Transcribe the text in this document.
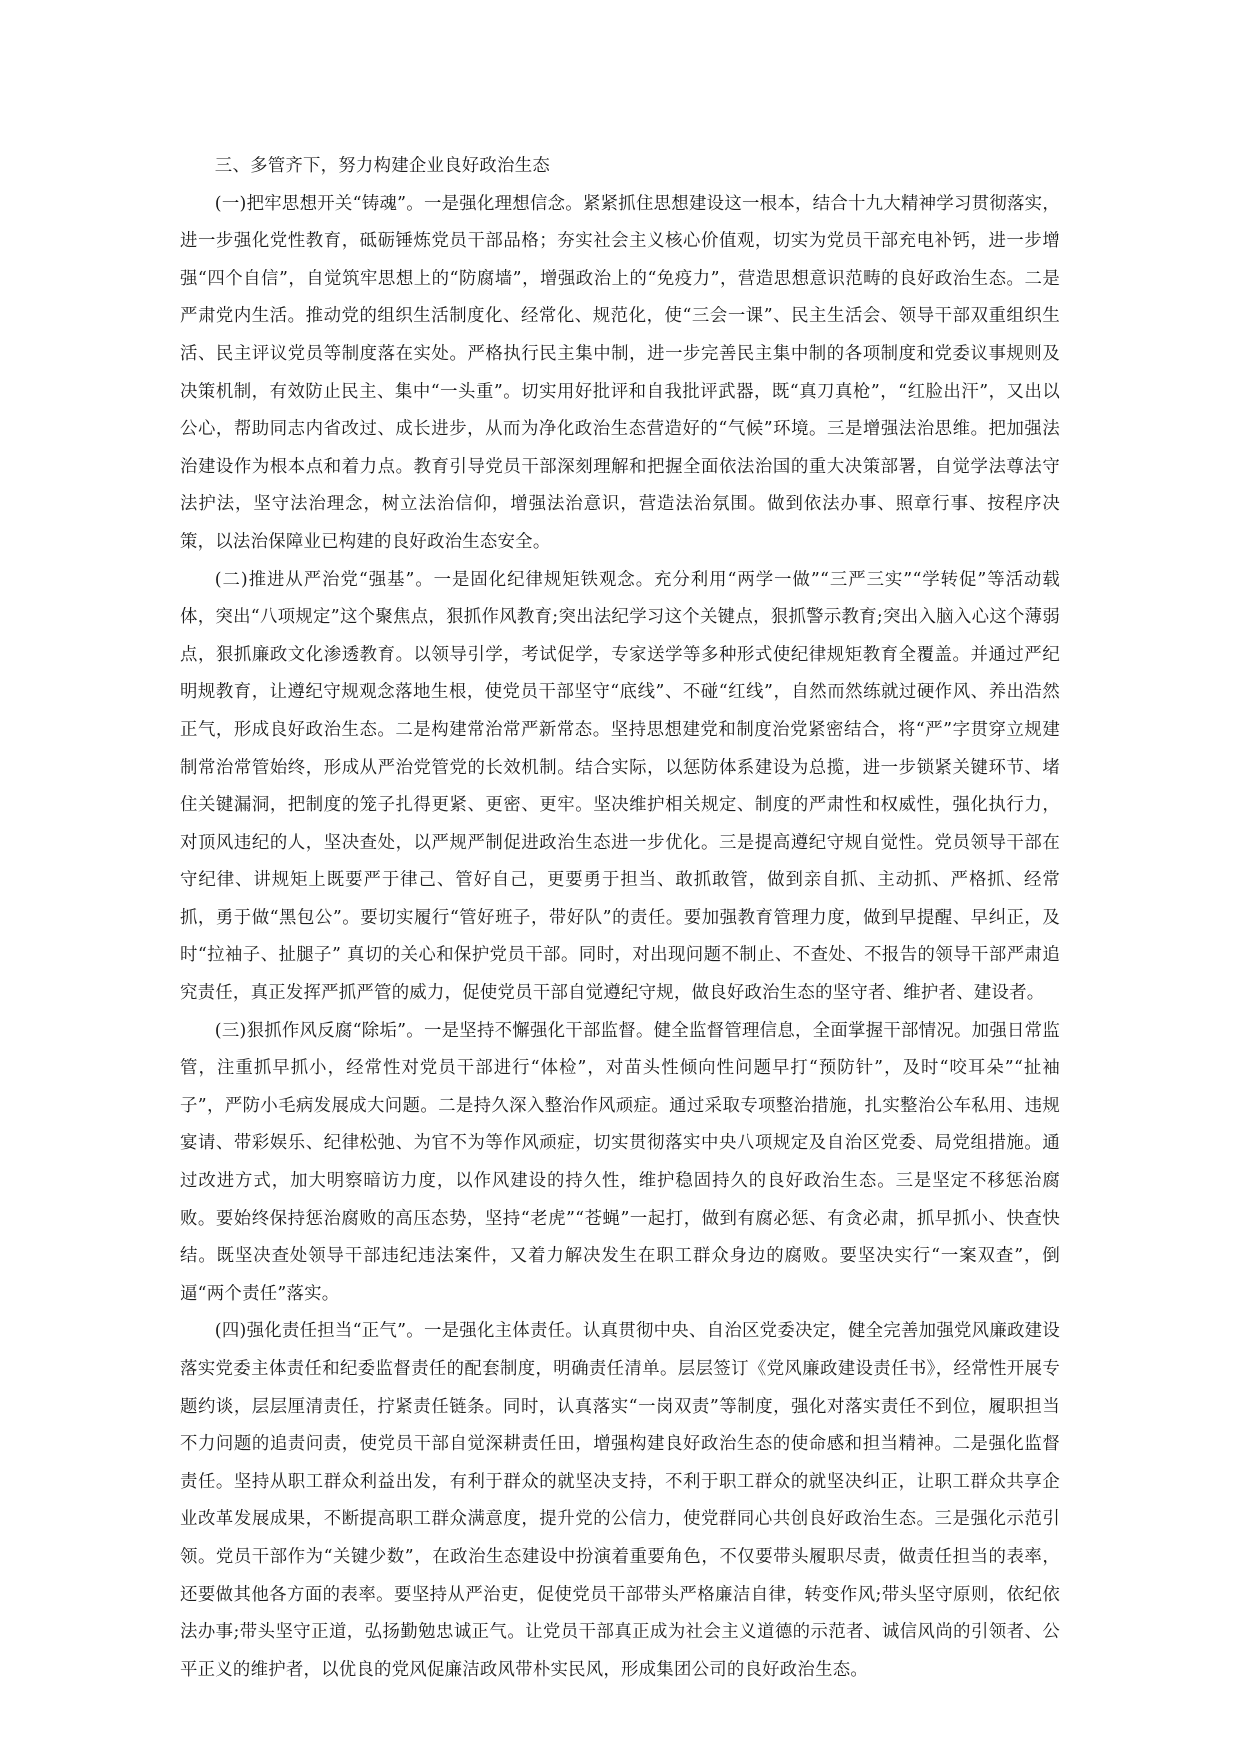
三、多管齐下，努力构建企业良好政治生态

(一)把牢思想开关“铸魂”。一是强化理想信念。紧紧抓住思想建设这一根本，结合十九大精神学习贯彻落实，进一步强化党性教育，砥砺锤炼党员干部品格；夯实社会主义核心价值观，切实为党员干部充电补钙，进一步增强“四个自信”，自觉筑牢思想上的“防腐墙”，增强政治上的“免疫力”，营造思想意识范畴的良好政治生态。二是严肃党内生活。推动党的组织生活制度化、经常化、规范化，使“三会一课”、民主生活会、领导干部双重组织生活、民主评议党员等制度落在实处。严格执行民主集中制，进一步完善民主集中制的各项制度和党委议事规则及决策机制，有效防止民主、集中“一头重”。切实用好批评和自我批评武器，既“真刀真枪”，“红脸出汗”，又出以公心，帮助同志内省改过、成长进步，从而为净化政治生态营造好的“气候”环境。三是增强法治思维。把加强法治建设作为根本点和着力点。教育引导党员干部深刻理解和把握全面依法治国的重大决策部署，自觉学法尊法守法护法，坚守法治理念，树立法治信仰，增强法治意识，营造法治氛围。做到依法办事、照章行事、按程序决策，以法治保障业已构建的良好政治生态安全。

(二)推进从严治党“强基”。一是固化纪律规矩铁观念。充分利用“两学一做”“三严三实”“学转促”等活动载体，突出“八项规定”这个聚焦点，狠抓作风教育;突出法纪学习这个关键点，狠抓警示教育;突出入脑入心这个薄弱点，狠抓廉政文化渗透教育。以领导引学，考试促学，专家送学等多种形式使纪律规矩教育全覆盖。并通过严纪明规教育，让遵纪守规观念落地生根，使党员干部坚守“底线”、不碰“红线”，自然而然练就过硬作风、养出浩然正气，形成良好政治生态。二是构建常治常严新常态。坚持思想建党和制度治党紧密结合，将“严”字贯穿立规建制常治常管始终，形成从严治党管党的长效机制。结合实际，以惩防体系建设为总揽，进一步锁紧关键环节、堵住关键漏洞，把制度的笼子扎得更紧、更密、更牢。坚决维护相关规定、制度的严肃性和权威性，强化执行力，对顶风违纪的人，坚决查处，以严规严制促进政治生态进一步优化。三是提高遵纪守规自觉性。党员领导干部在守纪律、讲规矩上既要严于律己、管好自己，更要勇于担当、敢抓敢管，做到亲自抓、主动抓、严格抓、经常抓，勇于做“黑包公”。要切实履行“管好班子，带好队”的责任。要加强教育管理力度，做到早提醒、早纠正，及时“拉袖子、扯腿子” 真切的关心和保护党员干部。同时，对出现问题不制止、不查处、不报告的领导干部严肃追究责任，真正发挥严抓严管的威力，促使党员干部自觉遵纪守规，做良好政治生态的坚守者、维护者、建设者。

(三)狠抓作风反腐“除垢”。一是坚持不懈强化干部监督。健全监督管理信息，全面掌握干部情况。加强日常监管，注重抓早抓小，经常性对党员干部进行“体检”，对苗头性倾向性问题早打“预防针”，及时“咬耳朵”“扯袖子”，严防小毛病发展成大问题。二是持久深入整治作风顽症。通过采取专项整治措施，扎实整治公车私用、违规宴请、带彩娱乐、纪律松弛、为官不为等作风顽症，切实贯彻落实中央八项规定及自治区党委、局党组措施。通过改进方式，加大明察暗访力度，以作风建设的持久性，维护稳固持久的良好政治生态。三是坚定不移惩治腐败。要始终保持惩治腐败的高压态势，坚持“老虎”“苍蝇”一起打，做到有腐必惩、有贪必肃，抓早抓小、快查快结。既坚决查处领导干部违纪违法案件，又着力解决发生在职工群众身边的腐败。要坚决实行“一案双查”，倒逼“两个责任”落实。

(四)强化责任担当“正气”。一是强化主体责任。认真贯彻中央、自治区党委决定，健全完善加强党风廉政建设落实党委主体责任和纪委监督责任的配套制度，明确责任清单。层层签订《党风廉政建设责任书》，经常性开展专题约谈，层层厘清责任，拧紧责任链条。同时，认真落实“一岗双责”等制度，强化对落实责任不到位，履职担当不力问题的追责问责，使党员干部自觉深耕责任田，增强构建良好政治生态的使命感和担当精神。二是强化监督责任。坚持从职工群众利益出发，有利于群众的就坚决支持，不利于职工群众的就坚决纠正，让职工群众共享企业改革发展成果，不断提高职工群众满意度，提升党的公信力，使党群同心共创良好政治生态。三是强化示范引领。党员干部作为“关键少数”，在政治生态建设中扮演着重要角色，不仅要带头履职尽责，做责任担当的表率，还要做其他各方面的表率。要坚持从严治吏，促使党员干部带头严格廉洁自律，转变作风;带头坚守原则，依纪依法办事;带头坚守正道，弘扬勤勉忠诚正气。让党员干部真正成为社会主义道德的示范者、诚信风尚的引领者、公平正义的维护者，以优良的党风促廉洁政风带朴实民风，形成集团公司的良好政治生态。
